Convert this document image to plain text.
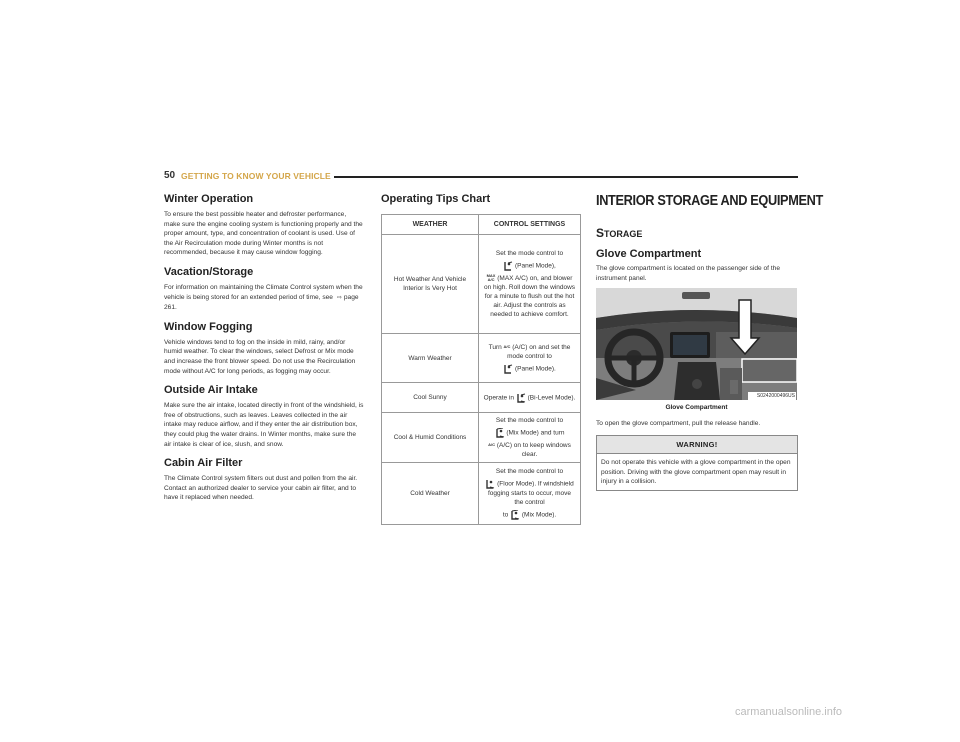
50 GETTING TO KNOW YOUR VEHICLE
Winter Operation

To ensure the best possible heater and defroster performance, make sure the engine cooling system is functioning properly and the proper amount, type, and concentration of coolant is used. Use of the Air Recirculation mode during Winter months is not recommended, because it may cause window fogging.

Vacation/Storage

For information on maintaining the Climate Control system when the vehicle is being stored for an extended period of time, see ⇨ page 261.

Window Fogging

Vehicle windows tend to fog on the inside in mild, rainy, and/or humid weather. To clear the windows, select Defrost or Mix mode and increase the front blower speed. Do not use the Recirculation mode without A/C for long periods, as fogging may occur.

Outside Air Intake

Make sure the air intake, located directly in front of the windshield, is free of obstructions, such as leaves. Leaves collected in the air intake may reduce airflow, and if they enter the air distribution box, they could plug the water drains. In Winter months, make sure the air intake is clear of ice, slush, and snow.

Cabin Air Filter

The Climate Control system filters out dust and pollen from the air. Contact an authorized dealer to service your cabin air filter, and to have it replaced when needed.

Operating Tips Chart
WEATHER	CONTROL SETTINGS
Hot Weather And Vehicle Interior Is Very Hot	Set the mode control to
(Panel Mode),
MAX
A/C (MAX A/C) on, and blower on high. Roll down the windows for a minute to flush out the hot air. Adjust the controls as needed to achieve comfort.

Warm Weather	Turn A/C (A/C) on and set the mode control to
(Panel Mode).

Cool Sunny	Operate in (Bi-Level Mode).
Cool & Humid Conditions	Set the mode control to
(Mix Mode) and turn
A/C (A/C) on to keep windows clear.

Cold Weather	Set the mode control to
(Floor Mode). If windshield fogging starts to occur, move the control
to (Mix Mode).
INTERIOR STORAGE AND EQUIPMENT
STORAGE
Glove Compartment

The glove compartment is located on the passenger side of the instrument panel.

S0242000496US
Glove Compartment
To open the glove compartment, pull the release handle.
WARNING!
Do not operate this vehicle with a glove compartment in the open position. Driving with the glove compartment open may result in injury in a collision.
carmanualsonline.info
